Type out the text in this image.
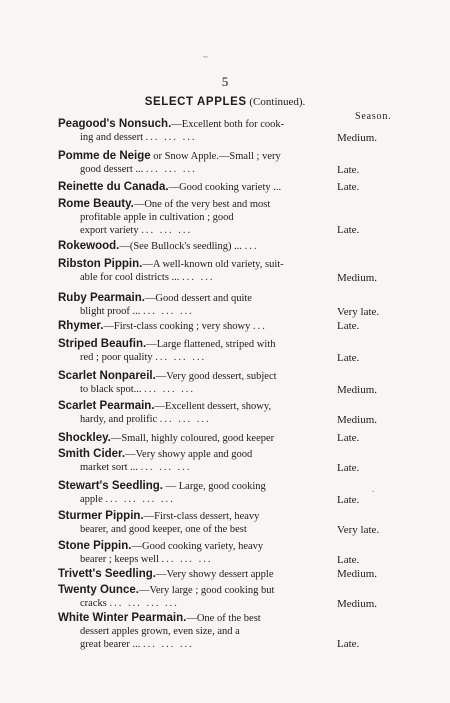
~
5
SELECT APPLES (Continued).
Season.
Peagood's Nonsuch.—Excellent both for cook-
ing and dessert ... ... ...	Medium.
Pomme de Neige or Snow Apple.—Small ; very
good dessert ... ... ... ...	Late.
Reinette du Canada.—Good cooking variety ...	Late.
Rome Beauty.—One of the very best and most
profitable apple in cultivation ; good
export variety ... ... ...	Late.
Rokewood.—(See Bullock's seedling) ... ...
Ribston Pippin.—A well-known old variety, suit-
able for cool districts ... ... ...	Medium.
Ruby Pearmain.—Good dessert and quite
blight proof ... ... ... ...	Very late.
Rhymer.—First-class cooking ; very showy ...	Late.
Striped Beaufin.—Large flattened, striped with
red ; poor quality ... ... ...	Late.
Scarlet Nonpareil.—Very good dessert, subject
to black spot... ... ... ...	Medium.
Scarlet Pearmain.—Excellent dessert, showy,
hardy, and prolific ... ... ...	Medium.
Shockley.—Small, highly coloured, good keeper	Late.
Smith Cider.—Very showy apple and good
market sort ... ... ... ...	Late.
Stewart's Seedling. — Large, good cooking
apple ... ... ... ...	Late.
Sturmer Pippin.—First-class dessert, heavy
bearer, and good keeper, one of the best	Very late.
Stone Pippin.—Good cooking variety, heavy
bearer ; keeps well ... ... ...	Late.
Trivett's Seedling.—Very showy dessert apple	Medium.
Twenty Ounce.—Very large ; good cooking but
cracks ... ... ... ...	Medium.
White Winter Pearmain.—One of the best
dessert apples grown, even size, and a
great bearer ... ... ... ...	Late.
.
